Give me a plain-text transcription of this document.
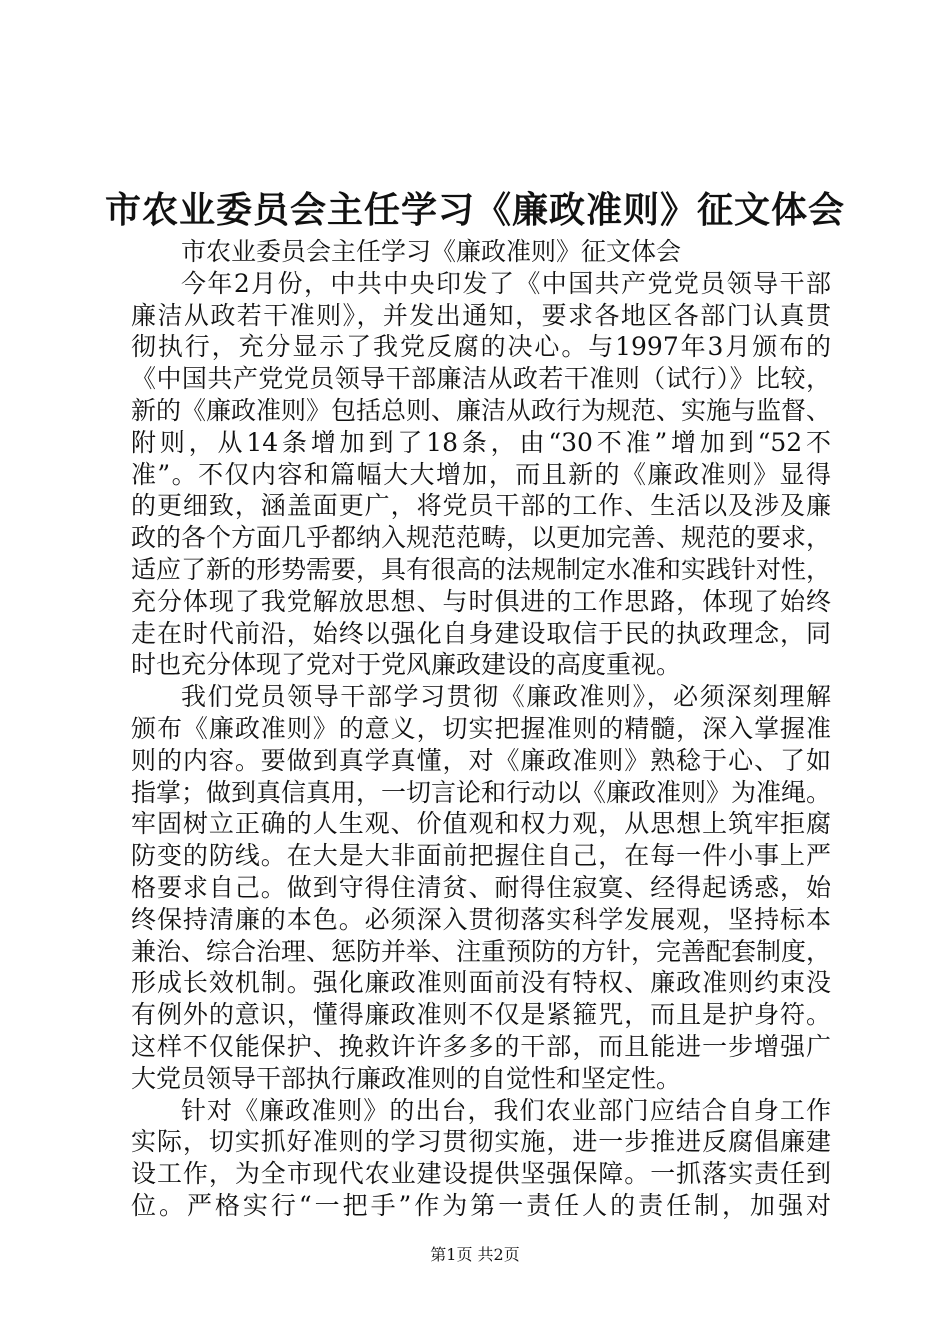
市农业委员会主任学习《廉政准则》征文体会
市农业委员会主任学习《廉政准则》征文体会
今年2月份，中共中央印发了《中国共产党党员领导干部
廉洁从政若干准则》，并发出通知，要求各地区各部门认真贯
彻执行，充分显示了我党反腐的决心。与1997年3月颁布的
《中国共产党党员领导干部廉洁从政若干准则（试行）》比较，
新的《廉政准则》包括总则、廉洁从政行为规范、实施与监督、
附则，从14条增加到了18条，由“30不准”增加到“52不
准”。不仅内容和篇幅大大增加，而且新的《廉政准则》显得
的更细致，涵盖面更广，将党员干部的工作、生活以及涉及廉
政的各个方面几乎都纳入规范范畴，以更加完善、规范的要求，
适应了新的形势需要，具有很高的法规制定水准和实践针对性，
充分体现了我党解放思想、与时俱进的工作思路，体现了始终
走在时代前沿，始终以强化自身建设取信于民的执政理念，同
时也充分体现了党对于党风廉政建设的高度重视。
我们党员领导干部学习贯彻《廉政准则》，必须深刻理解
颁布《廉政准则》的意义，切实把握准则的精髓，深入掌握准
则的内容。要做到真学真懂，对《廉政准则》熟稔于心、了如
指掌；做到真信真用，一切言论和行动以《廉政准则》为准绳。
牢固树立正确的人生观、价值观和权力观，从思想上筑牢拒腐
防变的防线。在大是大非面前把握住自己，在每一件小事上严
格要求自己。做到守得住清贫、耐得住寂寞、经得起诱惑，始
终保持清廉的本色。必须深入贯彻落实科学发展观，坚持标本
兼治、综合治理、惩防并举、注重预防的方针，完善配套制度，
形成长效机制。强化廉政准则面前没有特权、廉政准则约束没
有例外的意识，懂得廉政准则不仅是紧箍咒，而且是护身符。
这样不仅能保护、挽救许许多多的干部，而且能进一步增强广
大党员领导干部执行廉政准则的自觉性和坚定性。
针对《廉政准则》的出台，我们农业部门应结合自身工作
实际，切实抓好准则的学习贯彻实施，进一步推进反腐倡廉建
设工作，为全市现代农业建设提供坚强保障。一抓落实责任到
位。严格实行“一把手”作为第一责任人的责任制，加强对
第1页 共2页
